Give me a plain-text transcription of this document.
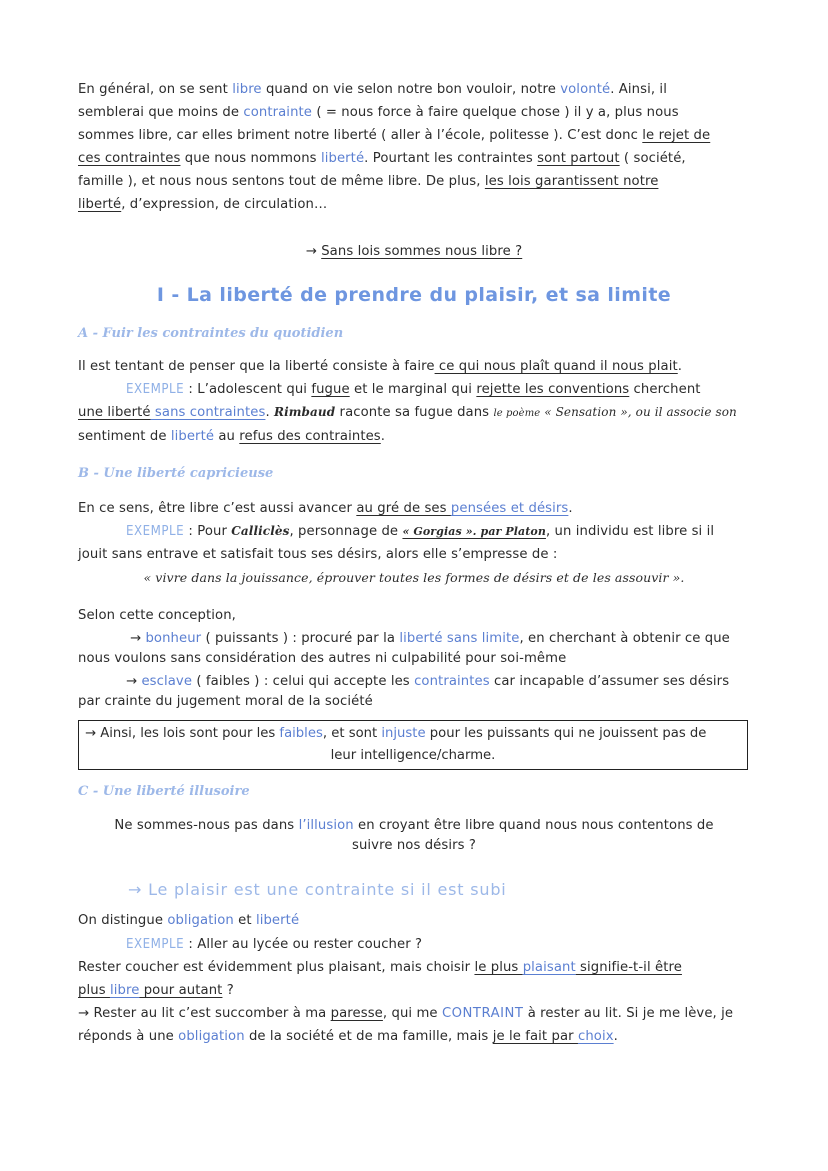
En général, on se sent libre quand on vie selon notre bon vouloir, notre volonté. Ainsi, il
semblerai que moins de contrainte ( = nous force à faire quelque chose ) il y a, plus nous
sommes libre, car elles briment notre liberté ( aller à l’école, politesse ). C’est donc le rejet de
ces contraintes que nous nommons liberté. Pourtant les contraintes sont partout ( société,
famille ), et nous nous sentons tout de même libre. De plus, les lois garantissent notre
liberté, d’expression, de circulation…
→ Sans lois sommes nous libre ?
I - La liberté de prendre du plaisir, et sa limite
A - Fuir les contraintes du quotidien
Il est tentant de penser que la liberté consiste à faire ce qui nous plaît quand il nous plait.
EXEMPLE : L’adolescent qui fugue et le marginal qui rejette les conventions cherchent
une liberté sans contraintes. Rimbaud raconte sa fugue dans le poème « Sensation », ou il associe son
sentiment de liberté au refus des contraintes.
B - Une liberté capricieuse
En ce sens, être libre c’est aussi avancer au gré de ses pensées et désirs.
EXEMPLE : Pour Calliclès, personnage de « Gorgias ». par Platon, un individu est libre si il
jouit sans entrave et satisfait tous ses désirs, alors elle s’empresse de :
« vivre dans la jouissance, éprouver toutes les formes de désirs et de les assouvir ».
Selon cette conception,
→ bonheur ( puissants ) : procuré par la liberté sans limite, en cherchant à obtenir ce que
nous voulons sans considération des autres ni culpabilité pour soi-même
→ esclave ( faibles ) : celui qui accepte les contraintes car incapable d’assumer ses désirs
par crainte du jugement moral de la société
→ Ainsi, les lois sont pour les faibles, et sont injuste pour les puissants qui ne jouissent pas de
leur intelligence/charme.
C - Une liberté illusoire
Ne sommes-nous pas dans l’illusion en croyant être libre quand nous nous contentons de
suivre nos désirs ?
→ Le plaisir est une contrainte si il est subi
On distingue obligation et liberté
EXEMPLE : Aller au lycée ou rester coucher ?
Rester coucher est évidemment plus plaisant, mais choisir le plus plaisant signifie-t-il être
plus libre pour autant ?
→ Rester au lit c’est succomber à ma paresse, qui me CONTRAINT à rester au lit. Si je me lève, je
réponds à une obligation de la société et de ma famille, mais je le fait par choix.
